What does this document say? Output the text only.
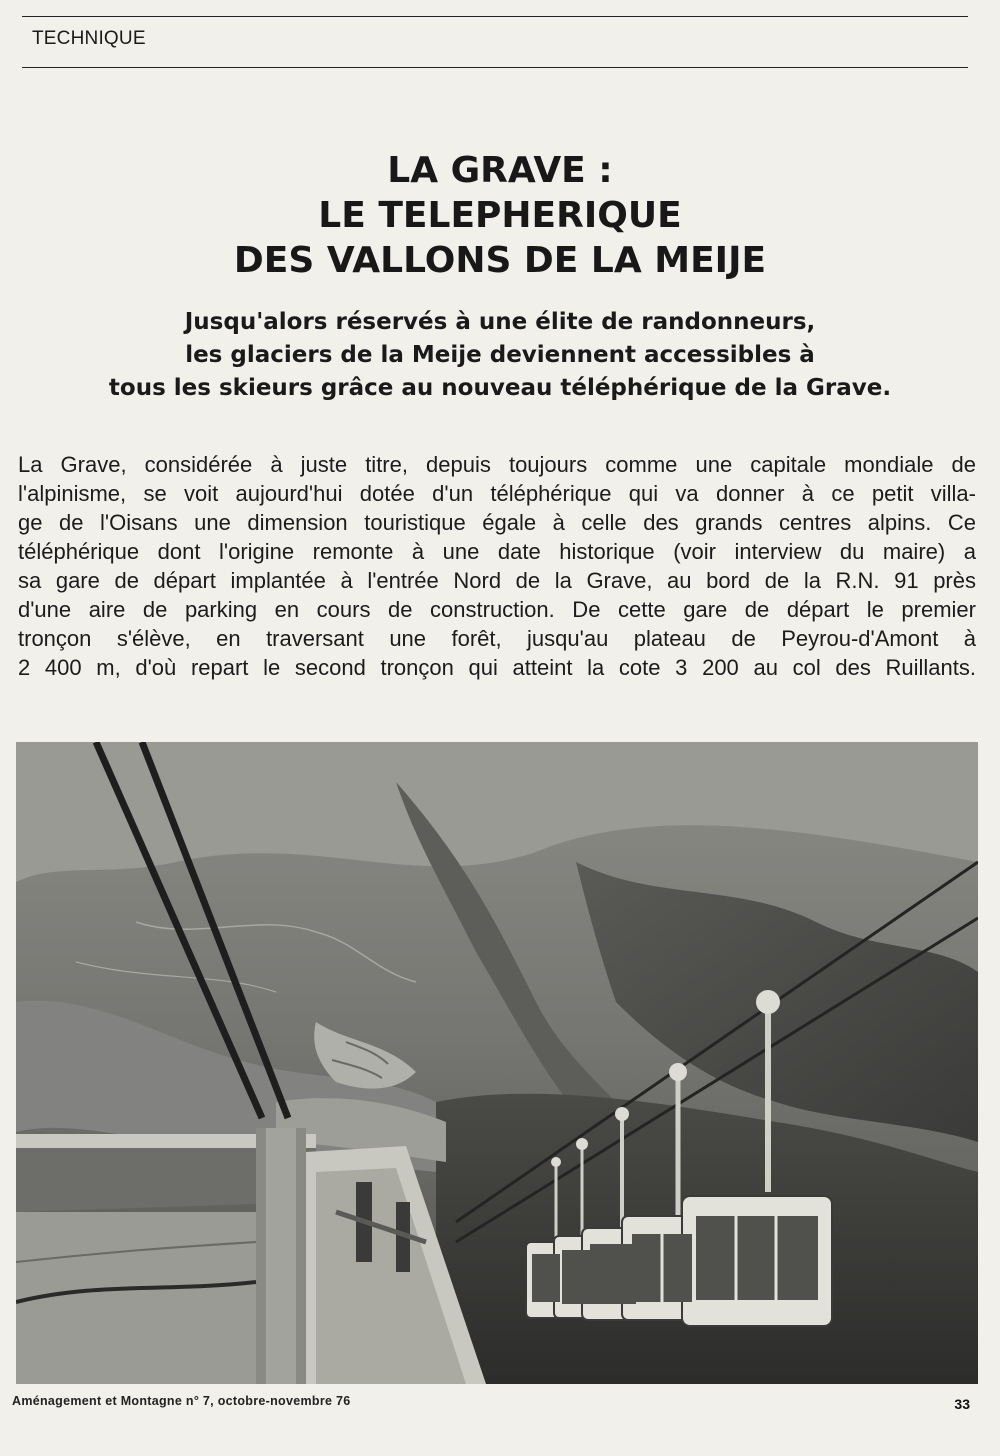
TECHNIQUE
LA GRAVE :
LE TELEPHERIQUE
DES VALLONS DE LA MEIJE
Jusqu'alors réservés à une élite de randonneurs,
les glaciers de la Meije deviennent accessibles à
tous les skieurs grâce au nouveau téléphérique de la Grave.
La Grave, considérée à juste titre, depuis toujours comme une capitale mondiale de
l'alpinisme, se voit aujourd'hui dotée d'un téléphérique qui va donner à ce petit villa-
ge de l'Oisans une dimension touristique égale à celle des grands centres alpins. Ce
téléphérique dont l'origine remonte à une date historique (voir interview du maire) a
sa gare de départ implantée à l'entrée Nord de la Grave, au bord de la R.N. 91 près
d'une aire de parking en cours de construction. De cette gare de départ le premier
tronçon s'élève, en traversant une forêt, jusqu'au plateau de Peyrou-d'Amont à
2 400 m, d'où repart le second tronçon qui atteint la cote 3 200 au col des Ruillants.
Aménagement et Montagne n° 7, octobre-novembre 76	33
